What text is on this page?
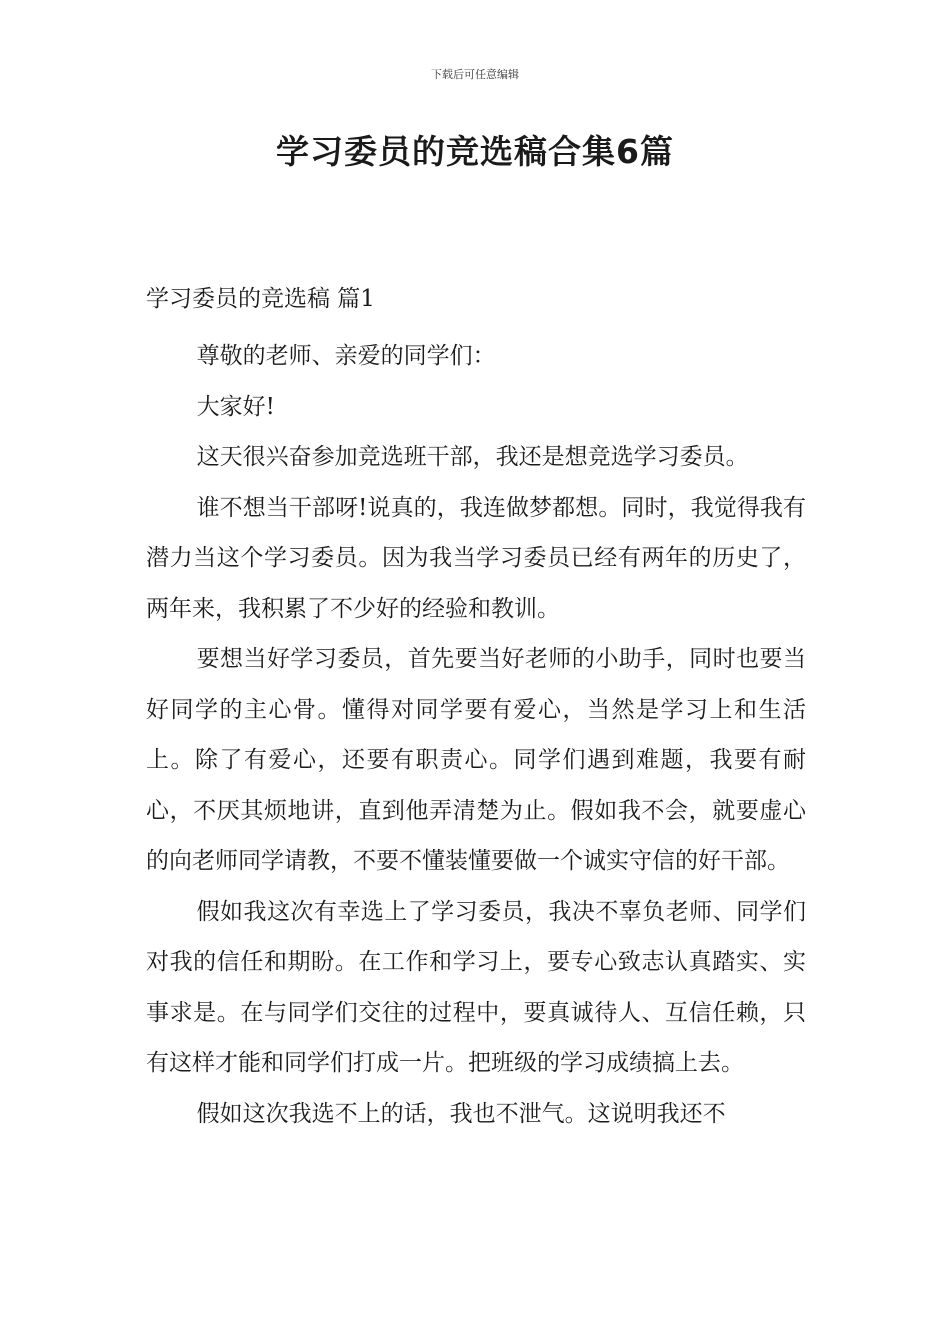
下载后可任意编辑
学习委员的竞选稿合集6篇
学习委员的竞选稿 篇1

尊敬的老师、亲爱的同学们：

大家好!

这天很兴奋参加竞选班干部，我还是想竞选学习委员。

谁不想当干部呀!说真的，我连做梦都想。同时，我觉得我有潜力当这个学习委员。因为我当学习委员已经有两年的历史了，两年来，我积累了不少好的经验和教训。

要想当好学习委员，首先要当好老师的小助手，同时也要当好同学的主心骨。懂得对同学要有爱心，当然是学习上和生活上。除了有爱心，还要有职责心。同学们遇到难题，我要有耐心，不厌其烦地讲，直到他弄清楚为止。假如我不会，就要虚心的向老师同学请教，不要不懂装懂要做一个诚实守信的好干部。

假如我这次有幸选上了学习委员，我决不辜负老师、同学们对我的信任和期盼。在工作和学习上，要专心致志认真踏实、实事求是。在与同学们交往的过程中，要真诚待人、互信任赖，只有这样才能和同学们打成一片。把班级的学习成绩搞上去。

假如这次我选不上的话，我也不泄气。这说明我还不
